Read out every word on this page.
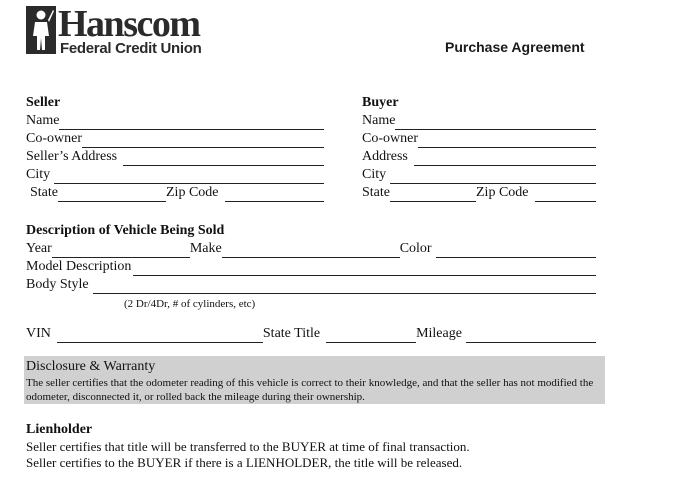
Hanscom
Federal Credit Union	Purchase Agreement
Seller
Name
Co-owner
Seller’s Address
City
State	Zip Code
Buyer
Name
Co-owner
Address
City
State	Zip Code
Description of Vehicle Being Sold
Year	Make	Color
Model Description
Body Style
(2 Dr/4Dr, # of cylinders, etc)
VIN	State Title	Mileage
Disclosure & Warranty
The seller certifies that the odometer reading of this vehicle is correct to their knowledge, and that the seller has not modified the odometer, disconnected it, or rolled back the mileage during their ownership.
Lienholder
Seller certifies that title will be transferred to the BUYER at time of final transaction.
Seller certifies to the BUYER if there is a LIENHOLDER, the title will be released.
